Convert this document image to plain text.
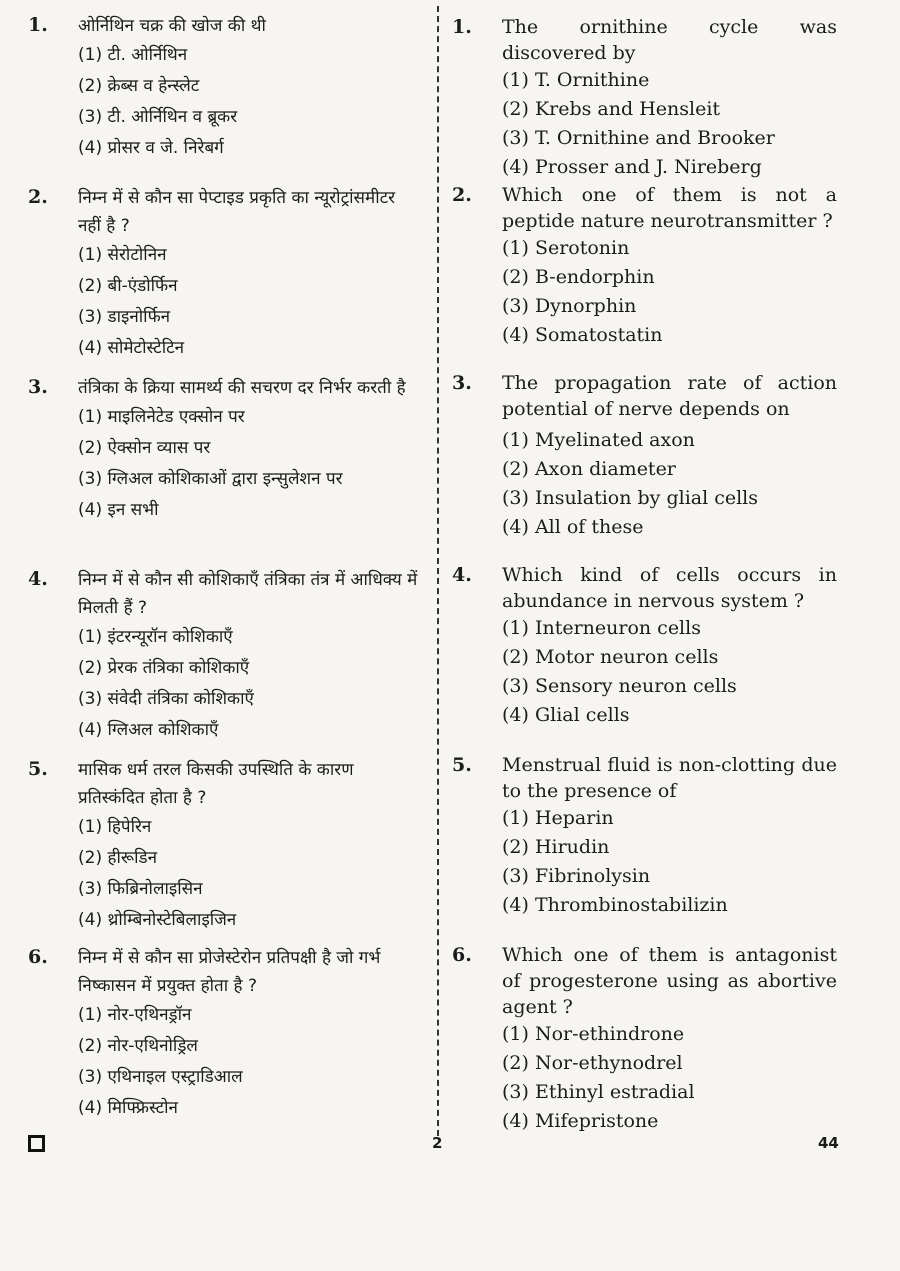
1.	ओर्निथिन चक्र की खोज की थी
(1) टी. ओर्निथिन
(2) क्रेब्स व हेन्स्लेट
(3) टी. ओर्निथिन व ब्रूकर
(4) प्रोसर व जे. निरेबर्ग
2.	निम्न में से कौन सा पेप्टाइड प्रकृति का न्यूरोट्रांसमीटर नहीं है ?
(1) सेरोटोनिन
(2) बी-एंडोर्फिन
(3) डाइनोर्फिन
(4) सोमेटोस्टेटिन
3.	तंत्रिका के क्रिया सामर्थ्य की सचरण दर निर्भर करती है
(1) माइलिनेटेड एक्सोन पर
(2) ऐक्सोन व्यास पर
(3) ग्लिअल कोशिकाओं द्वारा इन्सुलेशन पर
(4) इन सभी
4.	निम्न में से कौन सी कोशिकाएँ तंत्रिका तंत्र में आधिक्य में मिलती हैं ?
(1) इंटरन्यूरॉन कोशिकाएँ
(2) प्रेरक तंत्रिका कोशिकाएँ
(3) संवेदी तंत्रिका कोशिकाएँ
(4) ग्लिअल कोशिकाएँ
5.	मासिक धर्म तरल किसकी उपस्थिति के कारण प्रतिस्कंदित होता है ?
(1) हिपेरिन
(2) हीरूडिन
(3) फिब्रिनोलाइसिन
(4) थ्रोम्बिनोस्टेबिलाइजिन
6.	निम्न में से कौन सा प्रोजेस्टेरोन प्रतिपक्षी है जो गर्भ निष्कासन में प्रयुक्त होता है ?
(1) नोर-एथिनड्रॉन
(2) नोर-एथिनोड्रिल
(3) एथिनाइल एस्ट्राडिआल
(4) मिफ्फ्रिस्टोन
1.	The ornithine cycle was discovered by
(1) T. Ornithine
(2) Krebs and Hensleit
(3) T. Ornithine and Brooker
(4) Prosser and J. Nireberg
2.	Which one of them is not a peptide nature neurotransmitter ?
(1) Serotonin
(2) B-endorphin
(3) Dynorphin
(4) Somatostatin
3.	The propagation rate of action potential of nerve depends on
(1) Myelinated axon
(2) Axon diameter
(3) Insulation by glial cells
(4) All of these
4.	Which kind of cells occurs in abundance in nervous system ?
(1) Interneuron cells
(2) Motor neuron cells
(3) Sensory neuron cells
(4) Glial cells
5.	Menstrual fluid is non-clotting due to the presence of
(1) Heparin
(2) Hirudin
(3) Fibrinolysin
(4) Thrombinostabilizin
6.	Which one of them is antagonist of progesterone using as abortive agent ?
(1) Nor-ethindrone
(2) Nor-ethynodrel
(3) Ethinyl estradial
(4) Mifepristone
2	44
